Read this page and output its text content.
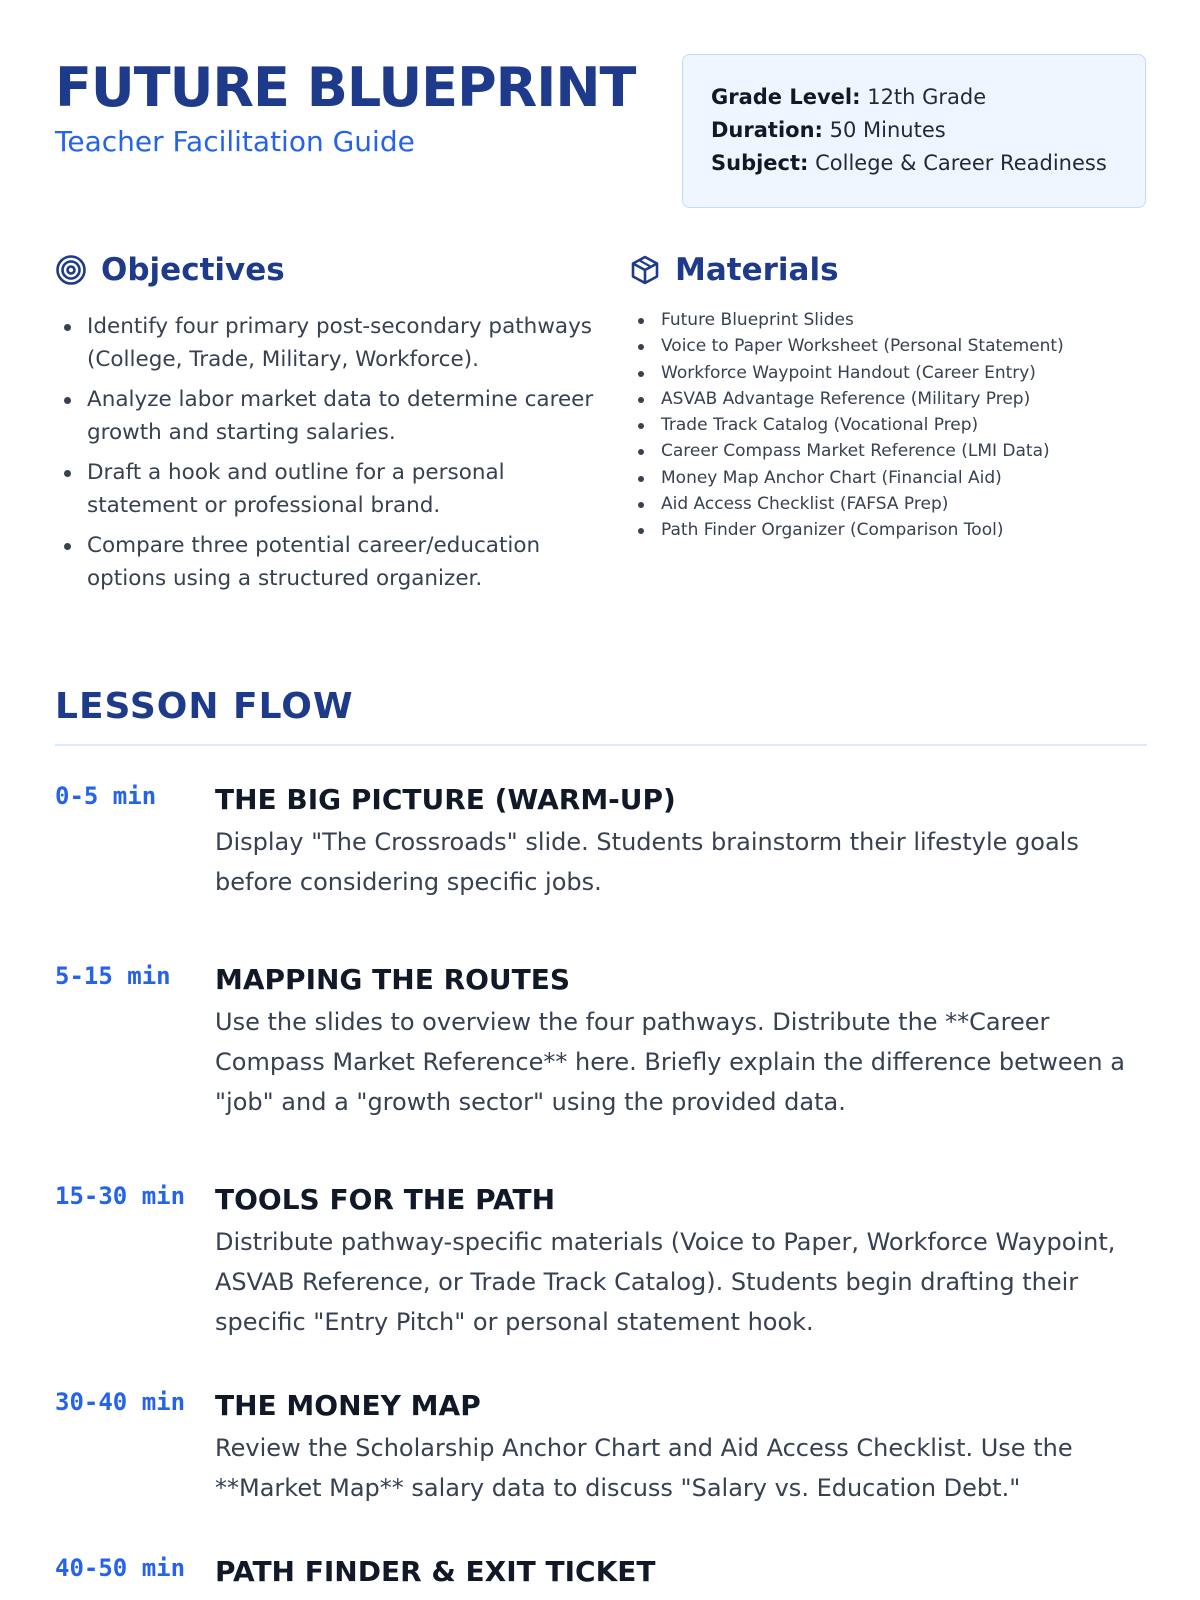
FUTURE BLUEPRINT
Teacher Facilitation Guide
Grade Level: 12th Grade
Duration: 50 Minutes
Subject: College & Career Readiness
Objectives
Identify four primary post-secondary pathways (College, Trade, Military, Workforce).
Analyze labor market data to determine career growth and starting salaries.
Draft a hook and outline for a personal statement or professional brand.
Compare three potential career/education options using a structured organizer.
Materials
Future Blueprint Slides
Voice to Paper Worksheet (Personal Statement)
Workforce Waypoint Handout (Career Entry)
ASVAB Advantage Reference (Military Prep)
Trade Track Catalog (Vocational Prep)
Career Compass Market Reference (LMI Data)
Money Map Anchor Chart (Financial Aid)
Aid Access Checklist (FAFSA Prep)
Path Finder Organizer (Comparison Tool)
LESSON FLOW
0-5 min	THE BIG PICTURE (WARM-UP)
Display "The Crossroads" slide. Students brainstorm their lifestyle goals before considering specific jobs.
5-15 min	MAPPING THE ROUTES
Use the slides to overview the four pathways. Distribute the **Career Compass Market Reference** here. Briefly explain the difference between a "job" and a "growth sector" using the provided data.
15-30 min	TOOLS FOR THE PATH
Distribute pathway-specific materials (Voice to Paper, Workforce Waypoint, ASVAB Reference, or Trade Track Catalog). Students begin drafting their specific "Entry Pitch" or personal statement hook.
30-40 min	THE MONEY MAP
Review the Scholarship Anchor Chart and Aid Access Checklist. Use the **Market Map** salary data to discuss "Salary vs. Education Debt."
40-50 min	PATH FINDER & EXIT TICKET
